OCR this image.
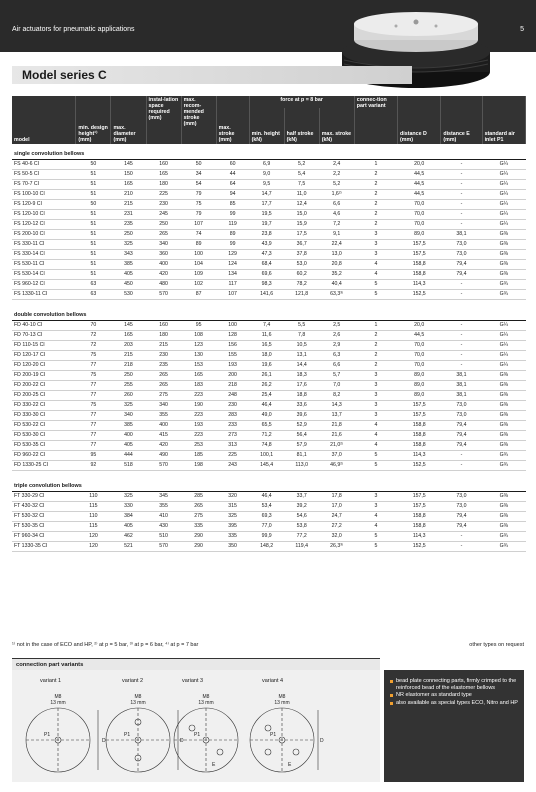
Air actuators for pneumatic applications	5
Model series C
			instal-lation space required (mm)	max. recom-mended stroke (mm)		force at p = 8 bar			connec-tion part variant			
model	min. design height¹⁾ (mm)	max. diameter (mm)			max. stroke (mm)	min. height (kN)	half stroke (kN)	max. stroke (kN)		distance D (mm)	distance E (mm)	standard air inlet P1
single convolution bellows												
FS 40-6 CI	50	145	160	50	60	6,9	5,2	2,4	1	20,0	-	G¼
FS 50-5 CI	51	150	165	34	44	9,0	5,4	2,2	2	44,5	-	G¼
FS 70-7 CI	51	165	180	54	64	9,5	7,5	5,2	2	44,5	-	G¼
FS 100-10 CI	51	210	225	79	94	14,7	11,0	1,6²⁾	2	44,5	-	G¼
FS 120-9 CI	50	215	230	75	85	17,7	12,4	6,6	2	70,0	-	G¼
FS 120-10 CI	51	231	245	79	99	19,5	15,0	4,6	2	70,0	-	G¼
FS 120-12 CI	51	235	250	107	119	19,7	15,9	7,2	2	70,0	-	G¼
FS 200-10 CI	51	250	265	74	89	23,8	17,5	9,1	3	89,0	38,1	G⅜
FS 330-11 CI	51	325	340	89	99	43,9	36,7	22,4	3	157,5	73,0	G⅜
FS 330-14 CI	51	343	360	100	129	47,3	37,8	13,0	3	157,5	73,0	G⅜
FS 530-11 CI	51	385	400	104	124	68,4	53,0	20,8	4	158,8	79,4	G⅜
FS 530-14 CI	51	405	420	109	134	69,6	60,2	35,2	4	158,8	79,4	G⅜
FS 960-12 CI	63	450	480	102	117	98,3	78,2	40,4	5	114,3	-	G¾
FS 1330-11 CI	63	530	570	87	107	141,6	121,8	63,3³⁾	5	152,5	-	G¾

double convolution bellows												
FD 40-10 CI	70	145	160	95	100	7,4	5,5	2,5	1	20,0	-	G¼
FD 70-13 CI	72	165	180	108	128	11,6	7,8	2,6	2	44,5	-	G¼
FD 110-15 CI	72	203	215	123	156	16,5	10,5	2,9	2	70,0	-	G¼
FD 120-17 CI	75	215	230	130	155	18,0	13,1	6,3	2	70,0	-	G¼
FD 120-20 CI	77	218	235	153	193	19,6	14,4	6,6	2	70,0	-	G¼
FD 200-19 CI	75	250	265	165	200	26,1	18,3	5,7	3	89,0	38,1	G⅜
FD 200-22 CI	77	255	265	183	218	26,2	17,6	7,0	3	89,0	38,1	G⅜
FD 200-25 CI	77	260	275	223	248	25,4	18,8	8,2	3	89,0	38,1	G⅜
FD 330-22 CI	75	325	340	190	230	46,4	33,6	14,3	3	157,5	73,0	G⅜
FD 330-30 CI	77	340	355	223	283	49,0	39,6	13,7	3	157,5	73,0	G⅜
FD 530-22 CI	77	385	400	193	233	65,5	52,9	21,8	4	158,8	79,4	G⅜
FD 530-30 CI	77	400	415	223	273	71,2	56,4	21,6	4	158,8	79,4	G⅜
FD 530-35 CI	77	405	420	253	313	74,8	57,9	21,0²⁾	4	158,8	79,4	G⅜
FD 960-22 CI	95	444	490	185	225	100,1	81,1	37,0	5	114,3	-	G¾
FD 1330-25 CI	92	518	570	198	243	145,4	113,0	46,9²⁾	5	152,5	-	G¾

triple convolution bellows												
FT 330-29 CI	110	325	345	285	320	46,4	33,7	17,8	3	157,5	73,0	G⅜
FT 430-32 CI	115	330	355	265	315	53,4	39,2	17,0	3	157,5	73,0	G⅜
FT 530-32 CI	110	384	410	275	325	69,3	54,6	24,7	4	158,8	79,4	G⅜
FT 530-35 CI	115	405	430	335	395	77,0	53,8	27,2	4	158,8	79,4	G⅜
FT 960-34 CI	120	462	510	290	335	99,9	77,2	32,0	5	114,3	-	G¾
FT 1330-35 CI	120	521	570	290	350	148,2	119,4	26,3³⁾	5	152,5	-	G¾
¹⁾ not in the case of ECO and HP, ²⁾ at p = 5 bar, ³⁾ at p = 6 bar, ⁴⁾ at p = 7 bar	other types on request
connection part variants
variant 1	variant 2	variant 3	variant 4
M8
13 mm
M8
13 mm
M8
13 mm
M8
13 mm
P1	P1
D
P1
D
E
P1
D
E
bead plate connecting parts, firmly crimped to the reinforced bead of the elastomer bellows
NR elastomer as standard type
also available as special types ECO, Nitro and HP
